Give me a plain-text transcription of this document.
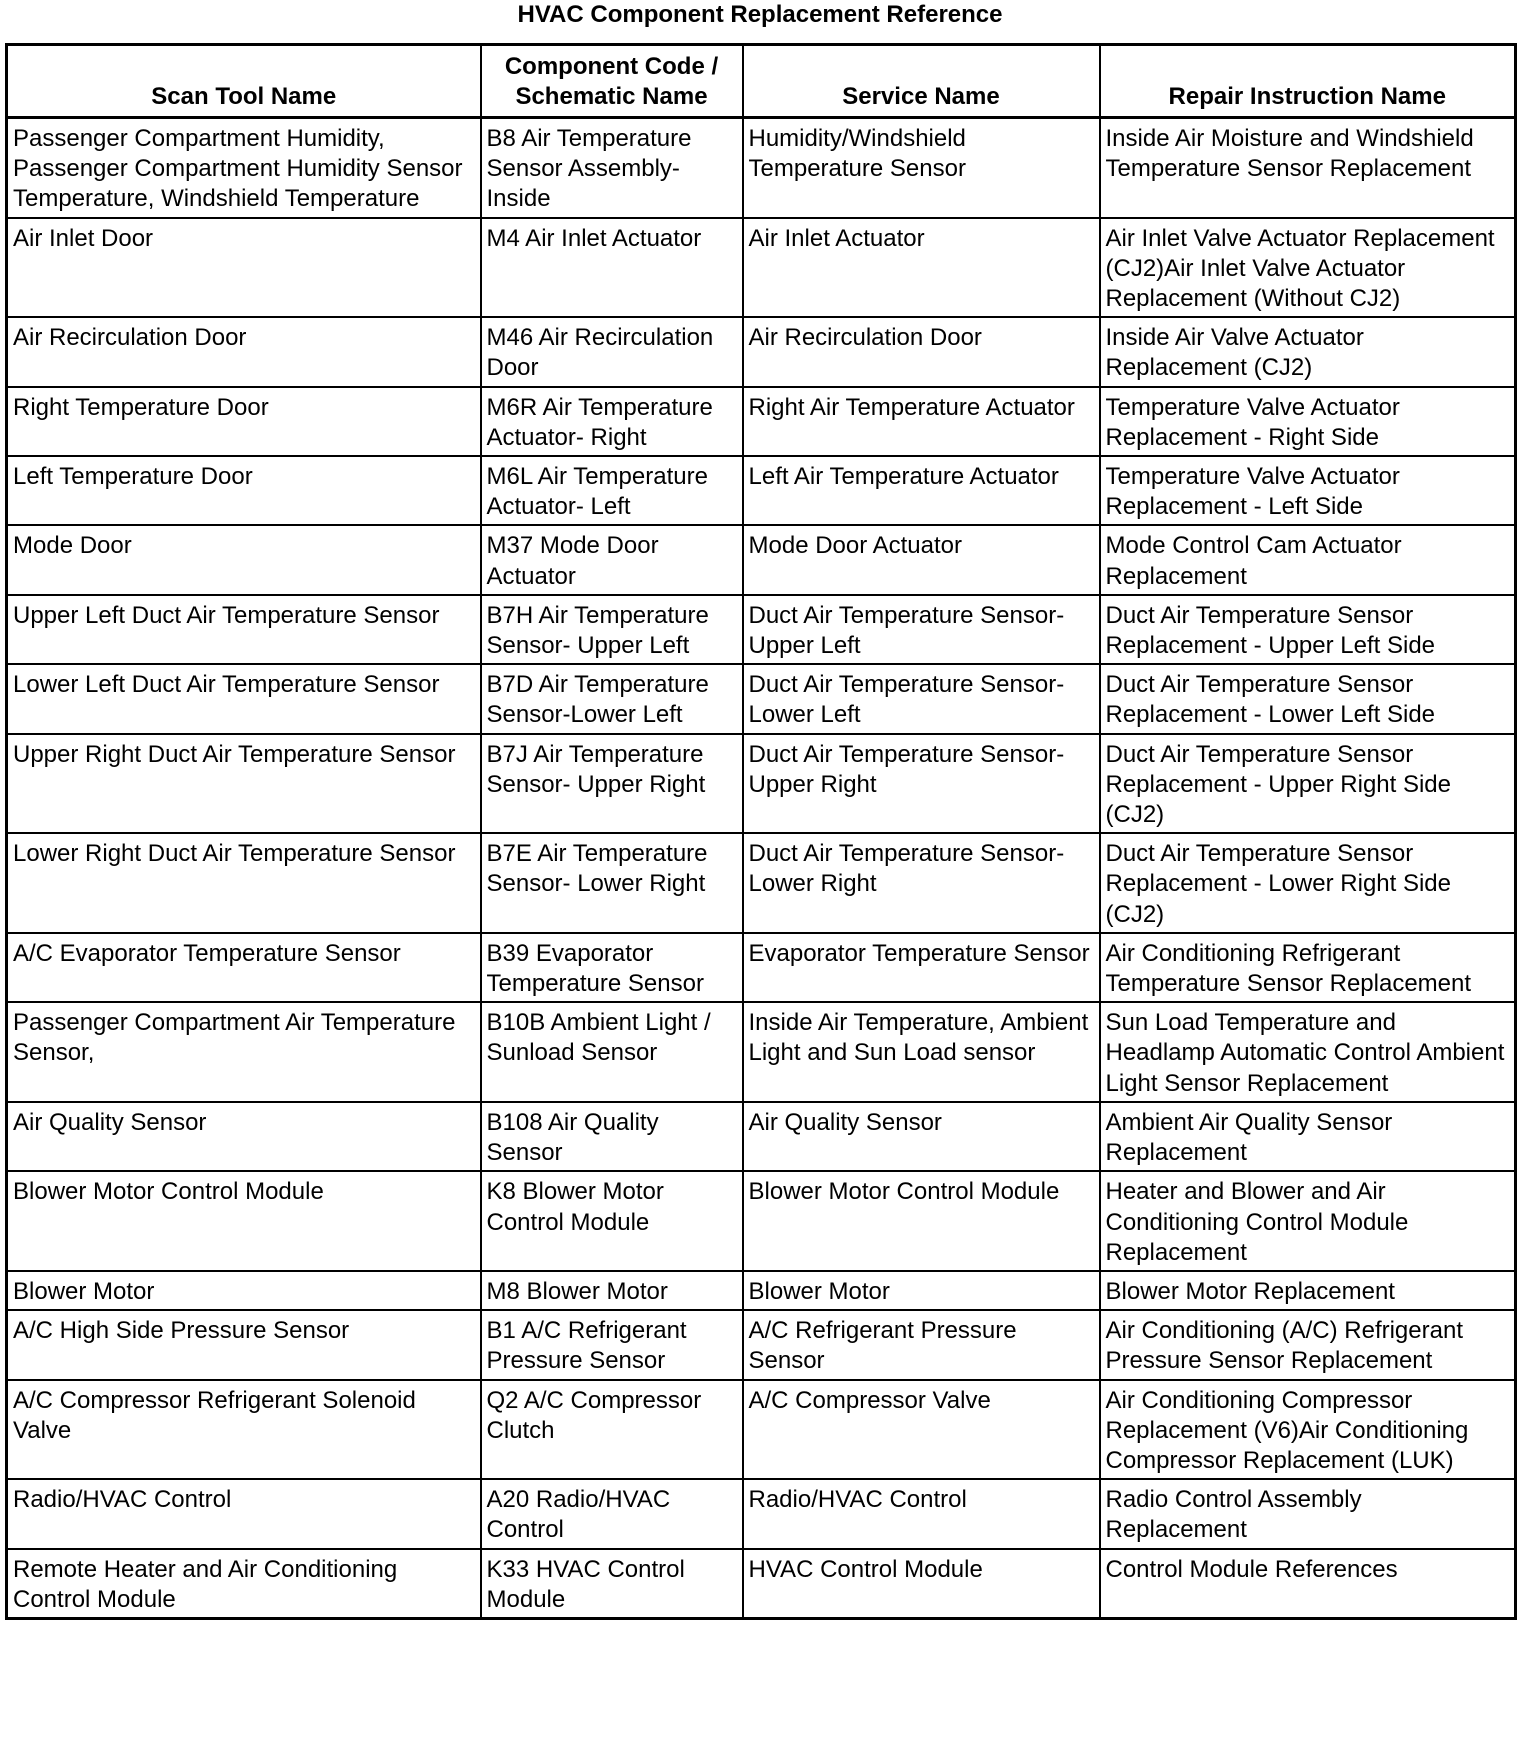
HVAC Component Replacement Reference
Scan Tool Name	Component Code / Schematic Name	Service Name	Repair Instruction Name
Passenger Compartment Humidity, Passenger Compartment Humidity Sensor Temperature, Windshield Temperature	B8 Air Temperature Sensor Assembly- Inside	Humidity/Windshield Temperature Sensor	Inside Air Moisture and Windshield Temperature Sensor Replacement
Air Inlet Door	M4 Air Inlet Actuator	Air Inlet Actuator	Air Inlet Valve Actuator Replacement (CJ2)Air Inlet Valve Actuator Replacement (Without CJ2)
Air Recirculation Door	M46 Air Recirculation Door	Air Recirculation Door	Inside Air Valve Actuator Replacement (CJ2)
Right Temperature Door	M6R Air Temperature Actuator- Right	Right Air Temperature Actuator	Temperature Valve Actuator Replacement - Right Side
Left Temperature Door	M6L Air Temperature Actuator- Left	Left Air Temperature Actuator	Temperature Valve Actuator Replacement - Left Side
Mode Door	M37 Mode Door Actuator	Mode Door Actuator	Mode Control Cam Actuator Replacement
Upper Left Duct Air Temperature Sensor	B7H Air Temperature Sensor- Upper Left	Duct Air Temperature Sensor- Upper Left	Duct Air Temperature Sensor Replacement - Upper Left Side
Lower Left Duct Air Temperature Sensor	B7D Air Temperature Sensor-Lower Left	Duct Air Temperature Sensor- Lower Left	Duct Air Temperature Sensor Replacement - Lower Left Side
Upper Right Duct Air Temperature Sensor	B7J Air Temperature Sensor- Upper Right	Duct Air Temperature Sensor- Upper Right	Duct Air Temperature Sensor Replacement - Upper Right Side (CJ2)
Lower Right Duct Air Temperature Sensor	B7E Air Temperature Sensor- Lower Right	Duct Air Temperature Sensor- Lower Right	Duct Air Temperature Sensor Replacement - Lower Right Side (CJ2)
A/C Evaporator Temperature Sensor	B39 Evaporator Temperature Sensor	Evaporator Temperature Sensor	Air Conditioning Refrigerant Temperature Sensor Replacement
Passenger Compartment Air Temperature Sensor,	B10B Ambient Light / Sunload Sensor	Inside Air Temperature, Ambient Light and Sun Load sensor	Sun Load Temperature and Headlamp Automatic Control Ambient Light Sensor Replacement
Air Quality Sensor	B108 Air Quality Sensor	Air Quality Sensor	Ambient Air Quality Sensor Replacement
Blower Motor Control Module	K8 Blower Motor Control Module	Blower Motor Control Module	Heater and Blower and Air Conditioning Control Module Replacement
Blower Motor	M8 Blower Motor	Blower Motor	Blower Motor Replacement
A/C High Side Pressure Sensor	B1 A/C Refrigerant Pressure Sensor	A/C Refrigerant Pressure Sensor	Air Conditioning (A/C) Refrigerant Pressure Sensor Replacement
A/C Compressor Refrigerant Solenoid Valve	Q2 A/C Compressor Clutch	A/C Compressor Valve	Air Conditioning Compressor Replacement (V6)Air Conditioning Compressor Replacement (LUK)
Radio/HVAC Control	A20 Radio/HVAC Control	Radio/HVAC Control	Radio Control Assembly Replacement
Remote Heater and Air Conditioning Control Module	K33 HVAC Control Module	HVAC Control Module	Control Module References
